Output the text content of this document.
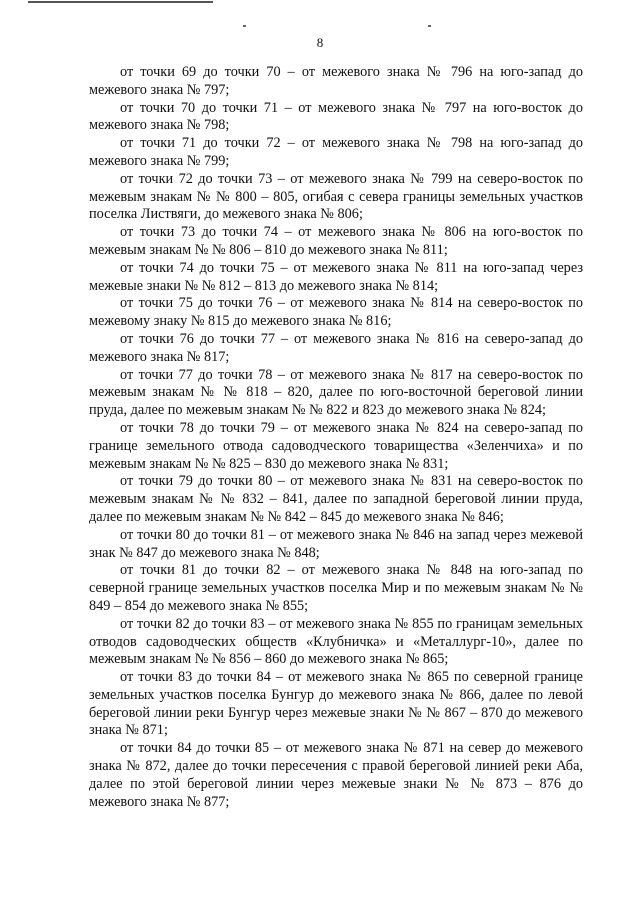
8

от точки 69 до точки 70 – от межевого знака № 796 на юго-запад до межевого знака № 797;

от точки 70 до точки 71 – от межевого знака № 797 на юго-восток до межевого знака № 798;

от точки 71 до точки 72 – от межевого знака № 798 на юго-запад до межевого знака № 799;

от точки 72 до точки 73 – от межевого знака № 799 на северо-восток по межевым знакам № № 800 – 805, огибая с севера границы земельных участков поселка Листвяги, до межевого знака № 806;

от точки 73 до точки 74 – от межевого знака № 806 на юго-восток по межевым знакам № № 806 – 810 до межевого знака № 811;

от точки 74 до точки 75 – от межевого знака № 811 на юго-запад через межевые знаки № № 812 – 813 до межевого знака № 814;

от точки 75 до точки 76 – от межевого знака № 814 на северо-восток по межевому знаку № 815 до межевого знака № 816;

от точки 76 до точки 77 – от межевого знака № 816 на северо-запад до межевого знака № 817;

от точки 77 до точки 78 – от межевого знака № 817 на северо-восток по межевым знакам № № 818 – 820, далее по юго-восточной береговой линии пруда, далее по межевым знакам № № 822 и 823 до межевого знака № 824;

от точки 78 до точки 79 – от межевого знака № 824 на северо-запад по границе земельного отвода садоводческого товарищества «Зеленчиха» и по межевым знакам № № 825 – 830 до межевого знака № 831;

от точки 79 до точки 80 – от межевого знака № 831 на северо-восток по межевым знакам № № 832 – 841, далее по западной береговой линии пруда, далее по межевым знакам № № 842 – 845 до межевого знака № 846;

от точки 80 до точки 81 – от межевого знака № 846 на запад через межевой знак № 847 до межевого знака № 848;

от точки 81 до точки 82 – от межевого знака № 848 на юго-запад по северной границе земельных участков поселка Мир и по межевым знакам № № 849 – 854 до межевого знака № 855;

от точки 82 до точки 83 – от межевого знака № 855 по границам земельных отводов садоводческих обществ «Клубничка» и «Металлург-10», далее по межевым знакам № № 856 – 860 до межевого знака № 865;

от точки 83 до точки 84 – от межевого знака № 865 по северной границе земельных участков поселка Бунгур до межевого знака № 866, далее по левой береговой линии реки Бунгур через межевые знаки № № 867 – 870 до межевого знака № 871;

от точки 84 до точки 85 – от межевого знака № 871 на север до межевого знака № 872, далее до точки пересечения с правой береговой линией реки Аба, далее по этой береговой линии через межевые знаки № № 873 – 876 до межевого знака № 877;
